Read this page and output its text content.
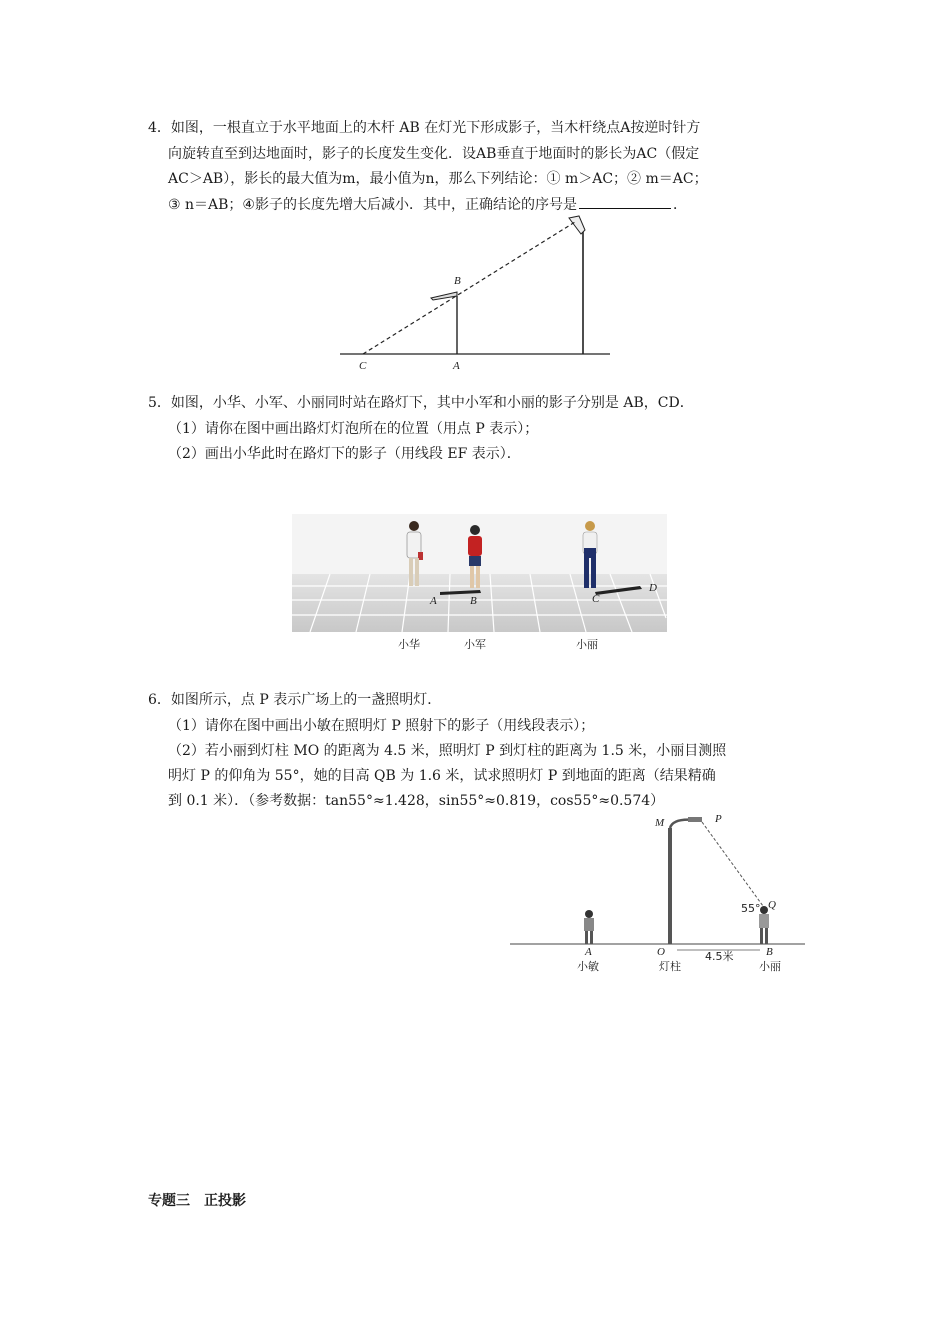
4．如图，一根直立于水平地面上的木杆 AB 在灯光下形成影子，当木杆绕点A按逆时针方
向旋转直至到达地面时，影子的长度发生变化．设AB垂直于地面时的影长为AC（假定
AC＞AB），影长的最大值为m，最小值为n，那么下列结论：① m＞AC；② m＝AC；
③ n＝AB；④影子的长度先增大后减小．其中，正确结论的序号是	．
B
C	A
5．如图，小华、小军、小丽同时站在路灯下，其中小军和小丽的影子分别是 AB，CD．
（1）请你在图中画出路灯灯泡所在的位置（用点 P 表示）；
（2）画出小华此时在路灯下的影子（用线段 EF 表示）．
A	B	C
D
小华	小军	小丽
6．如图所示，点 P 表示广场上的一盏照明灯．
（1）请你在图中画出小敏在照明灯 P 照射下的影子（用线段表示）；
（2）若小丽到灯柱 MO 的距离为 4.5 米，照明灯 P 到灯柱的距离为 1.5 米，小丽目测照
明灯 P 的仰角为 55°，她的目高 QB 为 1.6 米，试求照明灯 P 到地面的距离（结果精确
到 0.1 米）．（参考数据：tan55°≈1.428，sin55°≈0.819，cos55°≈0.574）
M	P
55° Q
O
A	B
4.5米
小敏	灯柱	小丽
专题三　正投影
